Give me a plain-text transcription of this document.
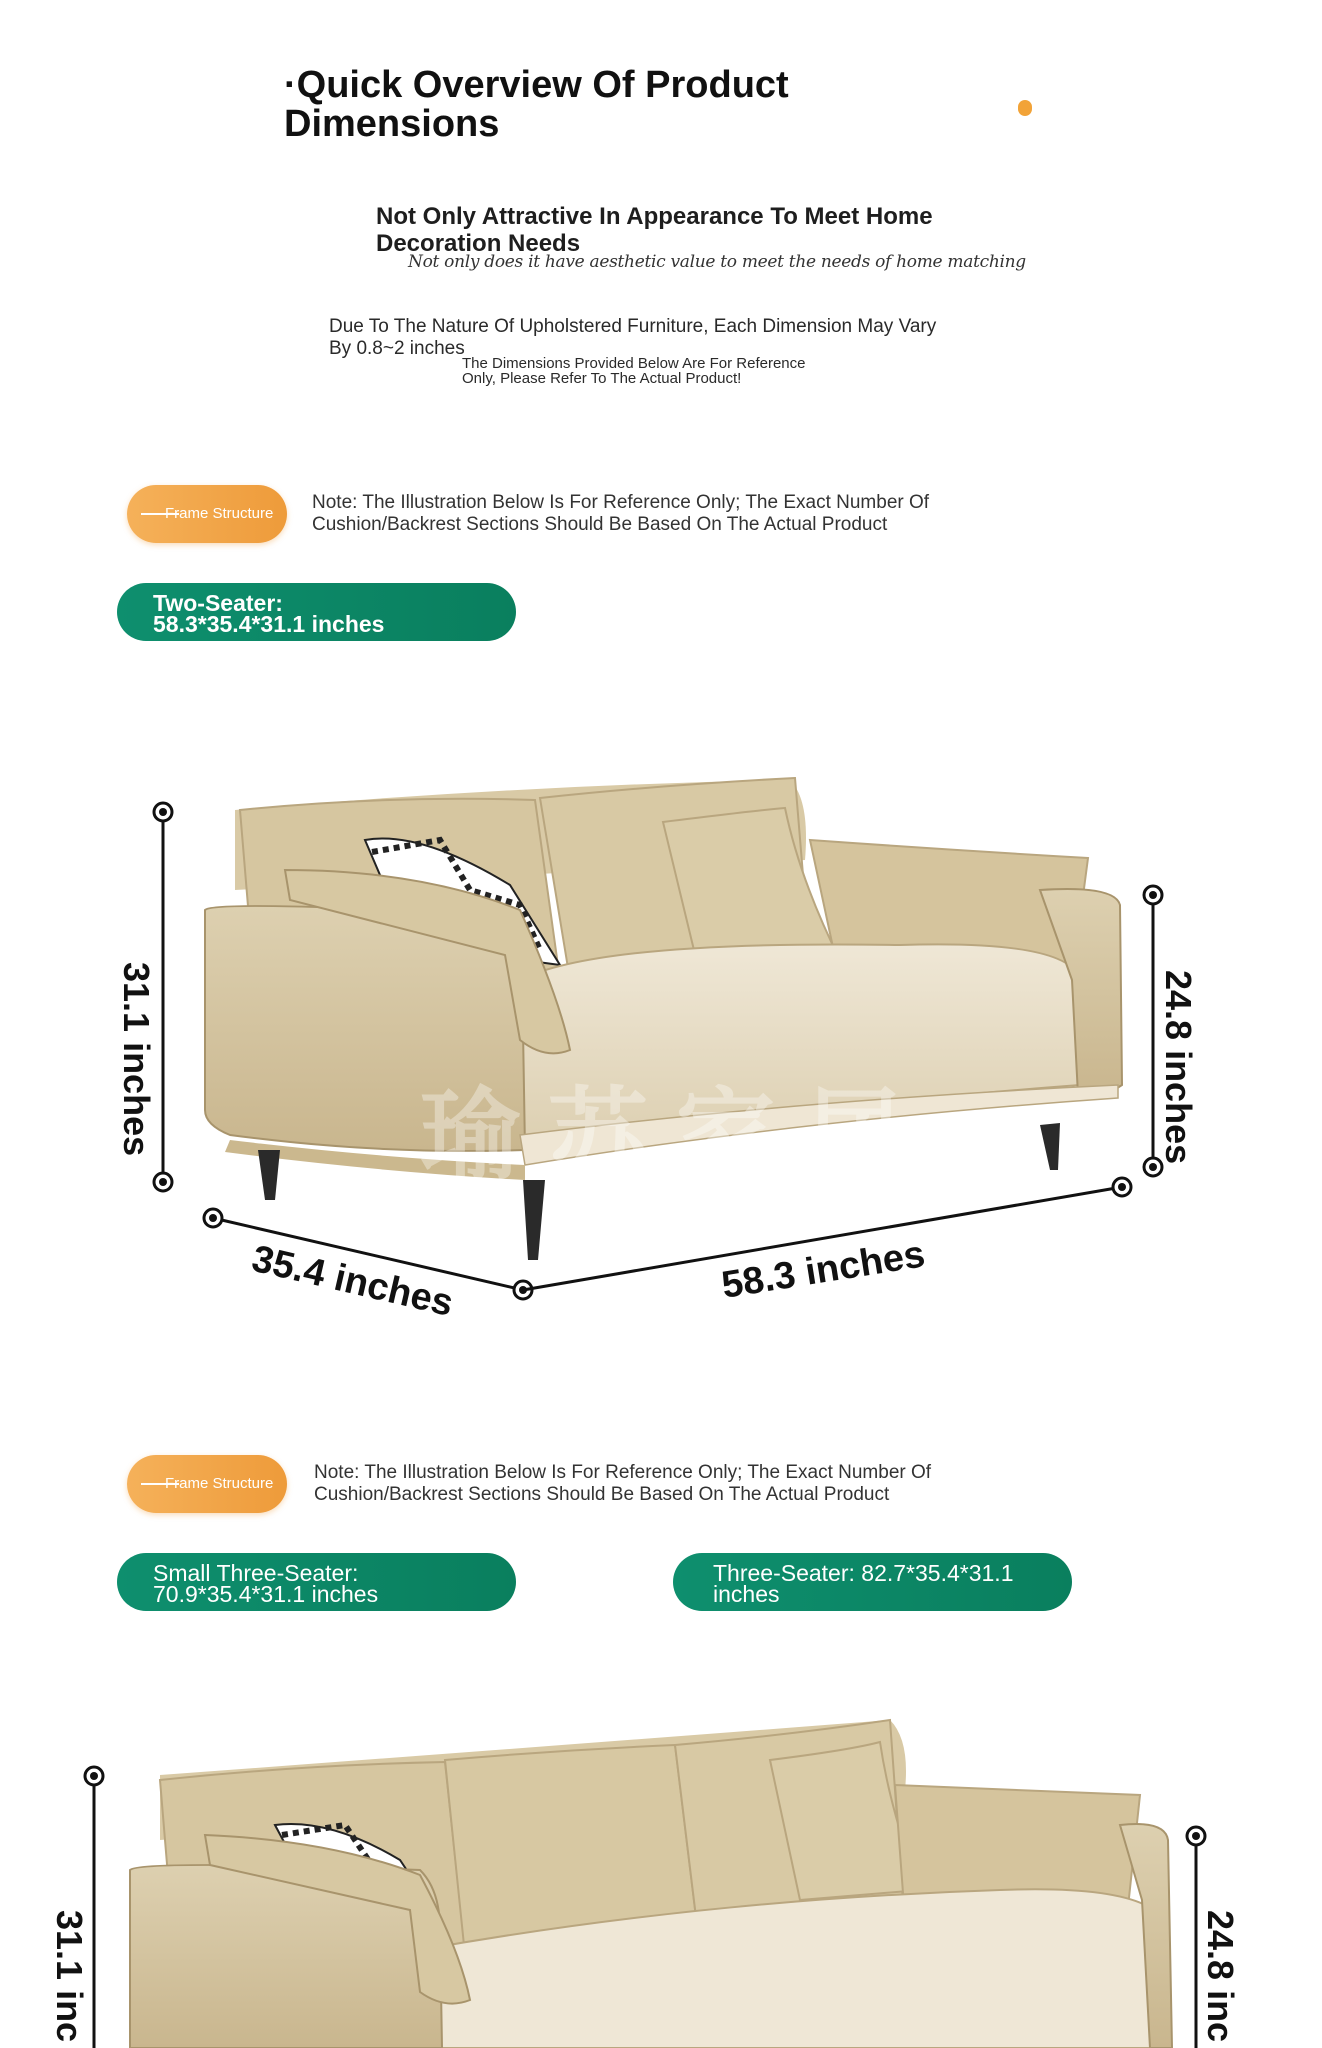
·Quick Overview Of Product
Dimensions
Not Only Attractive In Appearance To Meet Home
Decoration Needs
Not only does it have aesthetic value to meet the needs of home matching
Due To The Nature Of Upholstered Furniture, Each Dimension May Vary
By 0.8~2 inches
The Dimensions Provided Below Are For Reference
Only, Please Refer To The Actual Product!
Frame Structure
Note: The Illustration Below Is For Reference Only; The Exact Number Of
Cushion/Backrest Sections Should Be Based On The Actual Product
Two-Seater:
58.3*35.4*31.1 inches
瑜 苏 家 居
31.1 inches	24.8 inches
35.4 inches	58.3 inches
Frame Structure
Note: The Illustration Below Is For Reference Only; The Exact Number Of
Cushion/Backrest Sections Should Be Based On The Actual Product
Small Three-Seater:
70.9*35.4*31.1 inches
Three-Seater: 82.7*35.4*31.1
inches
31.1 inc	24.8 inc
